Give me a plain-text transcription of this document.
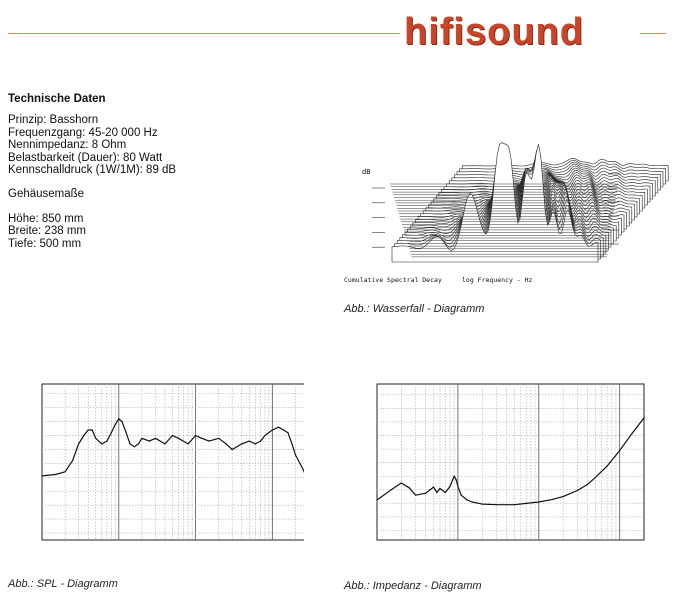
hifisound
Technische Daten
Prinzip: Basshorn
Frequenzgang: 45-20 000 Hz
Nennimpedanz: 8 Ohm
Belastbarkeit (Dauer): 80 Watt
Kennschalldruck (1W/1M): 89 dB
Gehäusemaße
Höhe: 850 mm
Breite: 238 mm
Tiefe: 500 mm
dB
Cumulative Spectral Decay	log Frequency - Hz
Abb.: Wasserfall - Diagramm
Abb.: SPL - Diagramm	Abb.: Impedanz - Diagramm
